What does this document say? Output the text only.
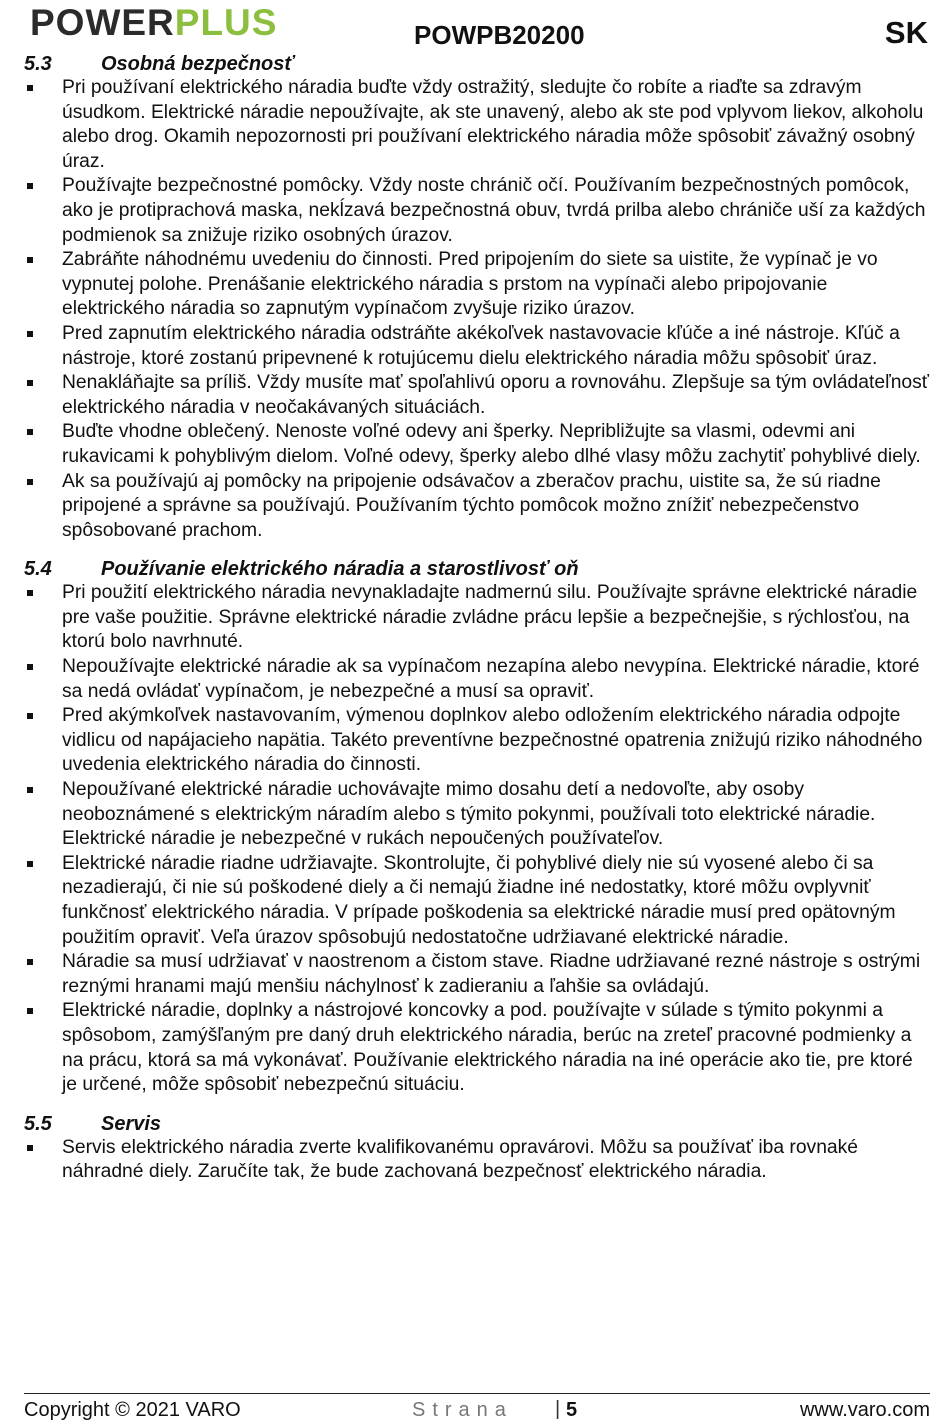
POWERPLUS	POWPB20200	SK
5.3 Osobná bezpečnosť
Pri používaní elektrického náradia buďte vždy ostražitý, sledujte čo robíte a riaďte sa zdravým úsudkom. Elektrické náradie nepoužívajte, ak ste unavený, alebo ak ste pod vplyvom liekov, alkoholu alebo drog. Okamih nepozornosti pri používaní elektrického náradia môže spôsobiť závažný osobný úraz.
Používajte bezpečnostné pomôcky. Vždy noste chránič očí. Používaním bezpečnostných pomôcok, ako je protiprachová maska, nekĺzavá bezpečnostná obuv, tvrdá prilba alebo chrániče uší za každých podmienok sa znižuje riziko osobných úrazov.
Zabráňte náhodnému uvedeniu do činnosti. Pred pripojením do siete sa uistite, že vypínač je vo vypnutej polohe. Prenášanie elektrického náradia s prstom na vypínači alebo pripojovanie elektrického náradia so zapnutým vypínačom zvyšuje riziko úrazov.
Pred zapnutím elektrického náradia odstráňte akékoľvek nastavovacie kľúče a iné nástroje. Kľúč a nástroje, ktoré zostanú pripevnené k rotujúcemu dielu elektrického náradia môžu spôsobiť úraz.
Nenakláňajte sa príliš. Vždy musíte mať spoľahlivú oporu a rovnováhu. Zlepšuje sa tým ovládateľnosť elektrického náradia v neočakávaných situáciách.
Buďte vhodne oblečený. Nenoste voľné odevy ani šperky. Nepribližujte sa vlasmi, odevmi ani rukavicami k pohyblivým dielom. Voľné odevy, šperky alebo dlhé vlasy môžu zachytiť pohyblivé diely.
Ak sa používajú aj pomôcky na pripojenie odsávačov a zberačov prachu, uistite sa, že sú riadne pripojené a správne sa používajú. Používaním týchto pomôcok možno znížiť nebezpečenstvo spôsobované prachom.
5.4 Používanie elektrického náradia a starostlivosť oň
Pri použití elektrického náradia nevynakladajte nadmernú silu. Používajte správne elektrické náradie pre vaše použitie. Správne elektrické náradie zvládne prácu lepšie a bezpečnejšie, s rýchlosťou, na ktorú bolo navrhnuté.
Nepoužívajte elektrické náradie ak sa vypínačom nezapína alebo nevypína. Elektrické náradie, ktoré sa nedá ovládať vypínačom, je nebezpečné a musí sa opraviť.
Pred akýmkoľvek nastavovaním, výmenou doplnkov alebo odložením elektrického náradia odpojte vidlicu od napájacieho napätia. Takéto preventívne bezpečnostné opatrenia znižujú riziko náhodného uvedenia elektrického náradia do činnosti.
Nepoužívané elektrické náradie uchovávajte mimo dosahu detí a nedovoľte, aby osoby neoboznámené s elektrickým náradím alebo s týmito pokynmi, používali toto elektrické náradie. Elektrické náradie je nebezpečné v rukách nepoučených používateľov.
Elektrické náradie riadne udržiavajte. Skontrolujte, či pohyblivé diely nie sú vyosené alebo či sa nezadierajú, či nie sú poškodené diely a či nemajú žiadne iné nedostatky, ktoré môžu ovplyvniť funkčnosť elektrického náradia. V prípade poškodenia sa elektrické náradie musí pred opätovným použitím opraviť. Veľa úrazov spôsobujú nedostatočne udržiavané elektrické náradie.
Náradie sa musí udržiavať v naostrenom a čistom stave. Riadne udržiavané rezné nástroje s ostrými reznými hranami majú menšiu náchylnosť k zadieraniu a ľahšie sa ovládajú.
Elektrické náradie, doplnky a nástrojové koncovky a pod. používajte v súlade s týmito pokynmi a spôsobom, zamýšľaným pre daný druh elektrického náradia, berúc na zreteľ pracovné podmienky a na prácu, ktorá sa má vykonávať. Používanie elektrického náradia na iné operácie ako tie, pre ktoré je určené, môže spôsobiť nebezpečnú situáciu.
5.5 Servis
Servis elektrického náradia zverte kvalifikovanému opravárovi. Môžu sa používať iba rovnaké náhradné diely. Zaručíte tak, že bude zachovaná bezpečnosť elektrického náradia.
Copyright © 2021 VARO	Strana | 5	www.varo.com
